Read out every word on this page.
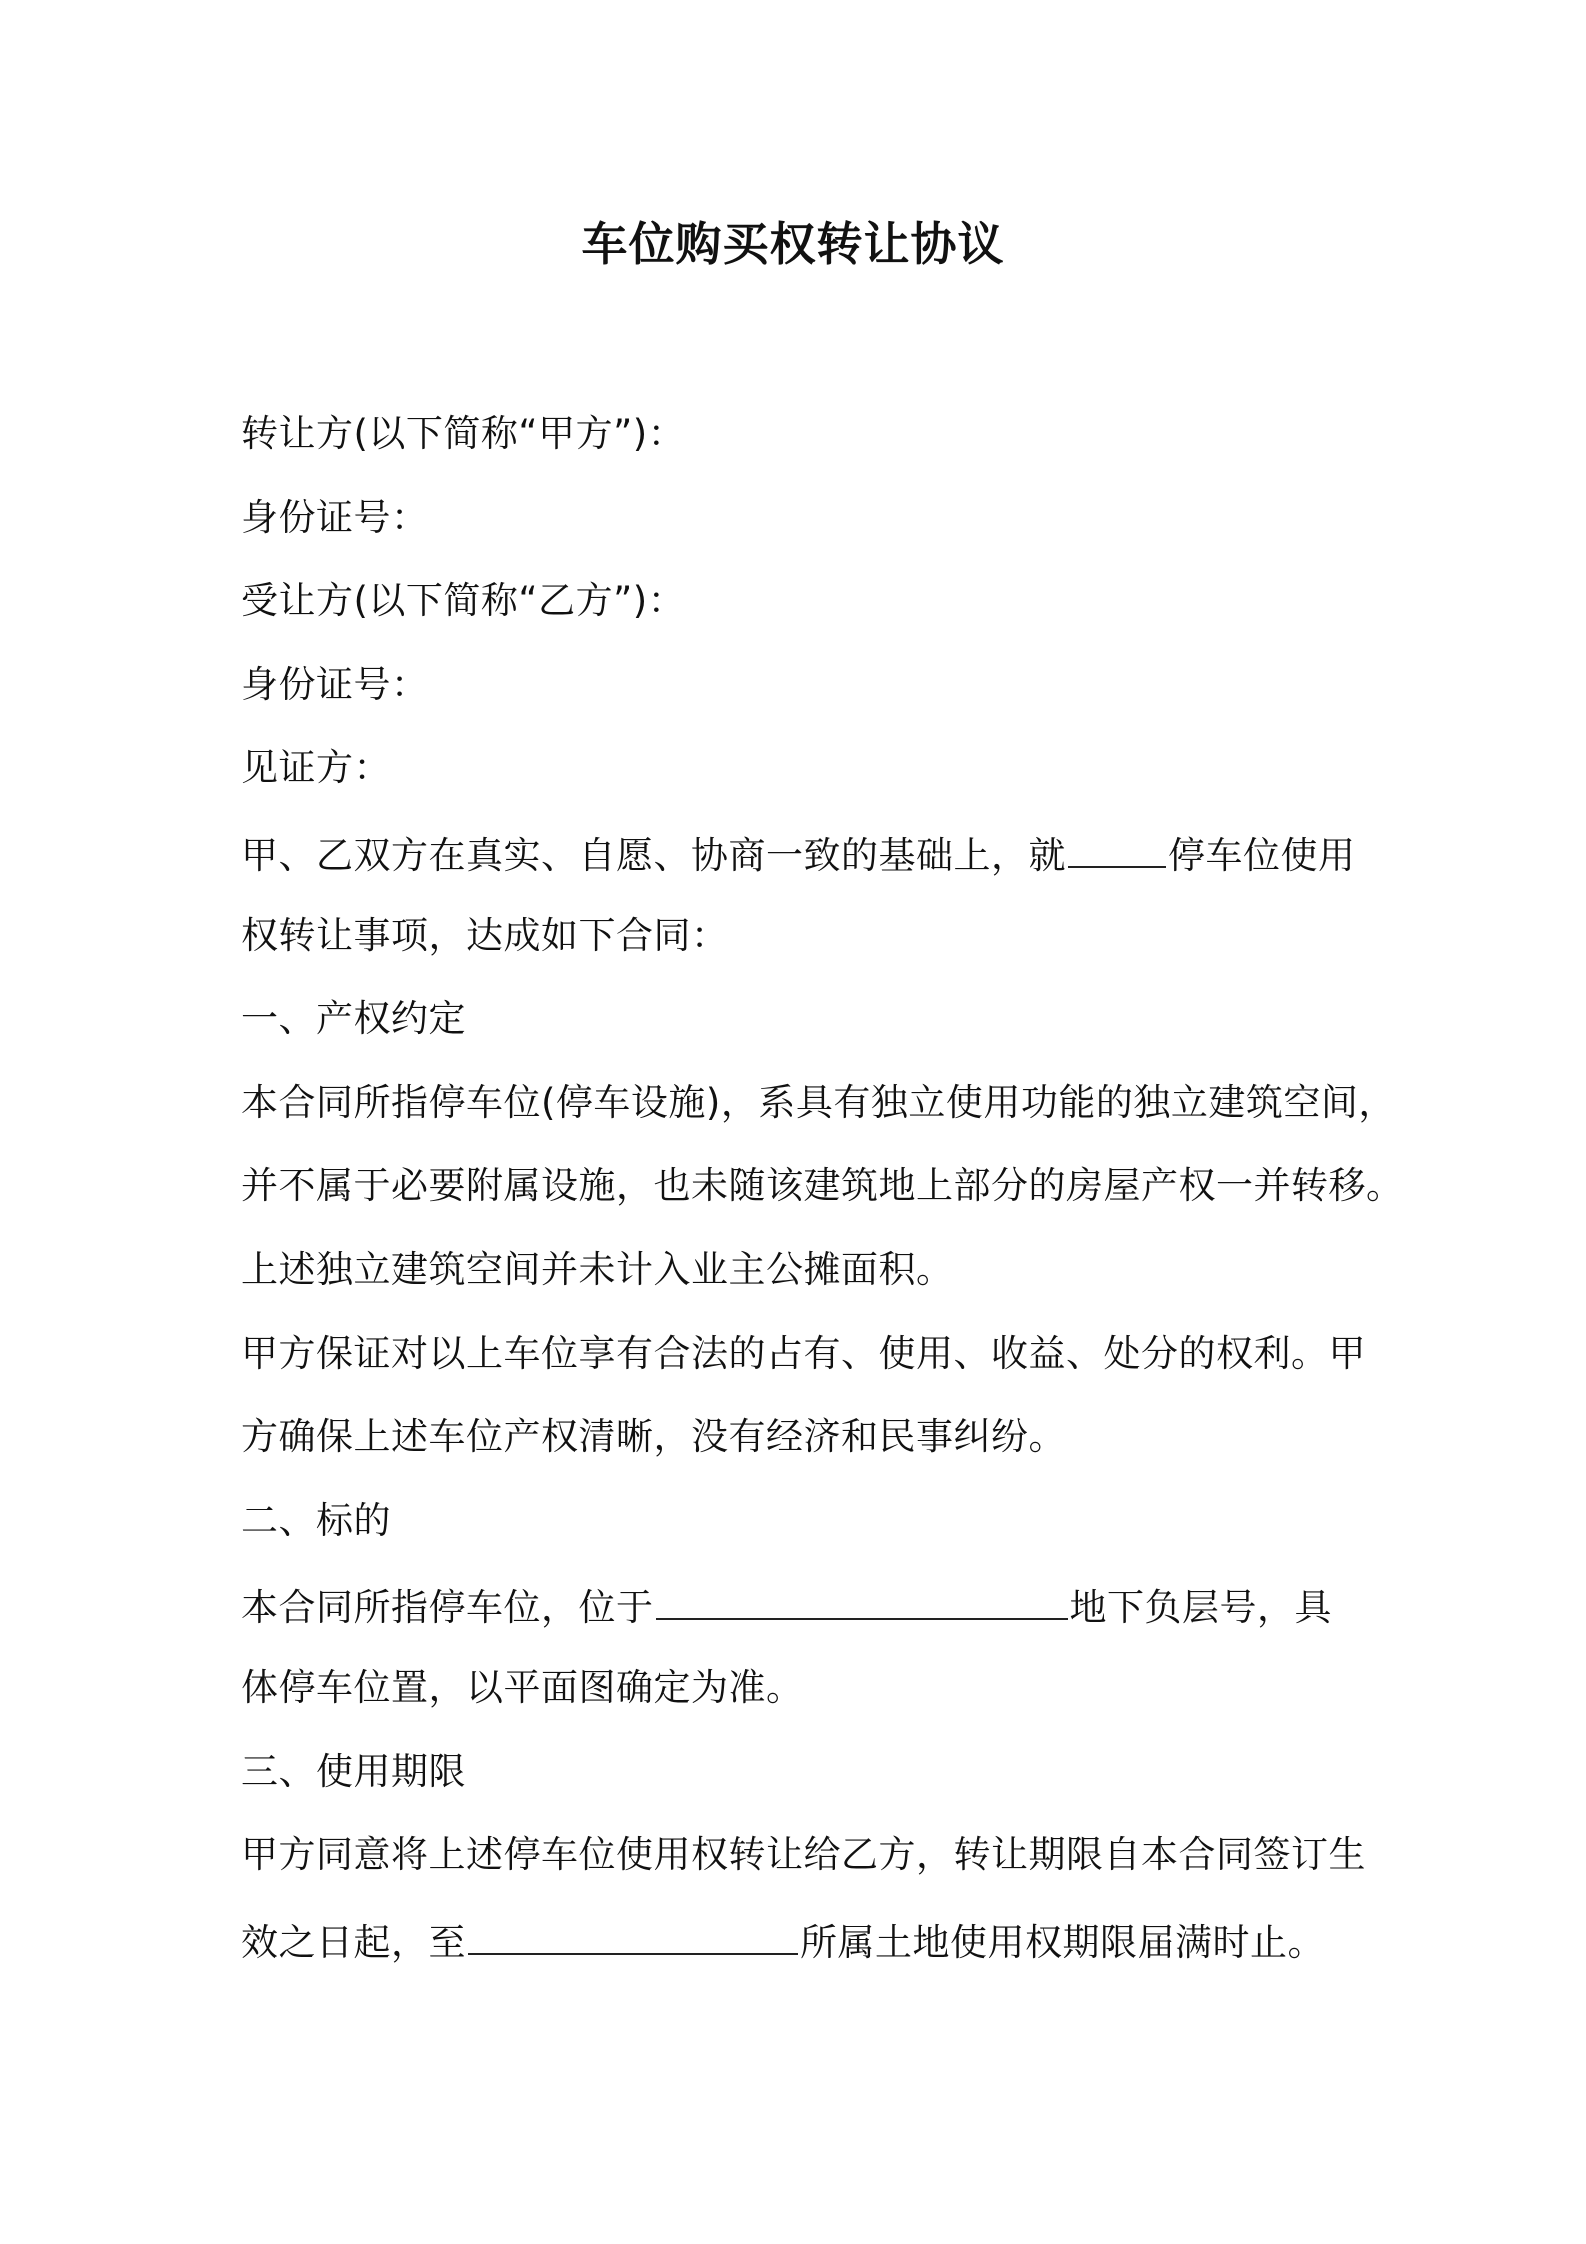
车位购买权转让协议
转让方(以下简称“甲方”)：
身份证号：
受让方(以下简称“乙方”)：
身份证号：
见证方：
甲、乙双方在真实、自愿、协商一致的基础上，就	停车位使用
权转让事项，达成如下合同：
一、产权约定
本合同所指停车位(停车设施)，系具有独立使用功能的独立建筑空间，
并不属于必要附属设施，也未随该建筑地上部分的房屋产权一并转移。
上述独立建筑空间并未计入业主公摊面积。
甲方保证对以上车位享有合法的占有、使用、收益、处分的权利。甲
方确保上述车位产权清晰，没有经济和民事纠纷。
二、标的
本合同所指停车位，位于	地下负层号，具
体停车位置，以平面图确定为准。
三、使用期限
甲方同意将上述停车位使用权转让给乙方，转让期限自本合同签订生
效之日起，至	所属土地使用权期限届满时止。
